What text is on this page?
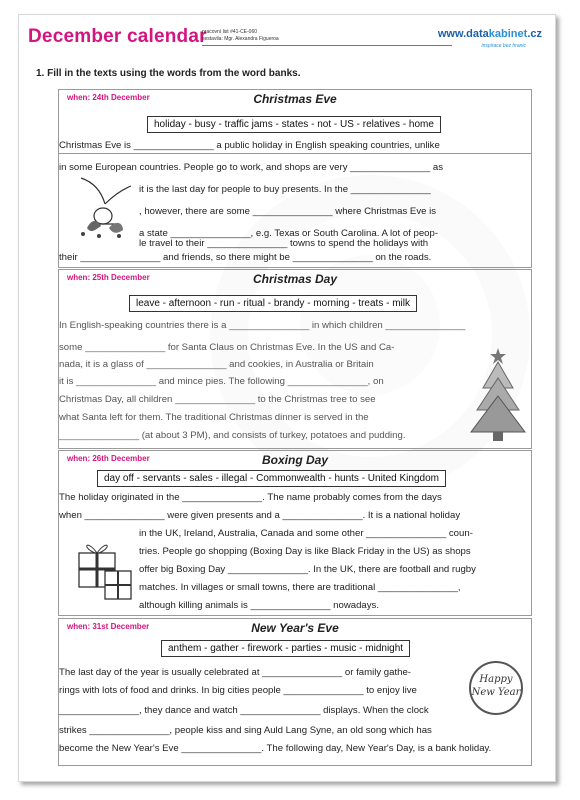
December calendar
pracovní list #41-CE-060
sestavila: Mgr. Alexandra Figueroa	www.datakabinet.cz
inspirace bez hranic
1. Fill in the texts using the words from the word banks.
when: 24th December	Christmas Eve
holiday - busy - traffic jams - states - not - US - relatives - home
Christmas Eve is _______________ a public holiday in English speaking countries, unlike
in some European countries. People go to work, and shops are very _______________ as
it is the last day for people to buy presents. In the _______________
, however, there are some _______________ where Christmas Eve is
a state _______________, e.g. Texas or South Carolina. A lot of peop-
le travel to their _______________ towns to spend the holidays with
their _______________ and friends, so there might be _______________ on the roads.
when: 25th December	Christmas Day
leave - afternoon - run - ritual - brandy - morning - treats - milk
In English-speaking countries there is a _______________ in which children _______________
some _______________ for Santa Claus on Christmas Eve. In the US and Ca-
nada, it is a glass of _______________ and cookies, in Australia or Britain
it is _______________ and mince pies. The following _______________, on
Christmas Day, all children _______________ to the Christmas tree to see
what Santa left for them. The traditional Christmas dinner is served in the
_______________ (at about 3 PM), and consists of turkey, potatoes and pudding.
when: 26th December	Boxing Day
day off - servants - sales - illegal - Commonwealth - hunts - United Kingdom
The holiday originated in the _______________. The name probably comes from the days
when _______________ were given presents and a _______________. It is a national holiday
in the UK, Ireland, Australia, Canada and some other _______________ coun-
tries. People go shopping (Boxing Day is like Black Friday in the US) as shops
offer big Boxing Day _______________. In the UK, there are football and rugby
matches. In villages or small towns, there are traditional _______________,
although killing animals is _______________ nowadays.
when: 31st December	New Year's Eve
anthem - gather - firework - parties - music - midnight
The last day of the year is usually celebrated at _______________ or family gathe-
rings with lots of food and drinks. In big cities people _______________ to enjoy live
_______________, they dance and watch _______________ displays. When the clock
strikes _______________, people kiss and sing Auld Lang Syne, an old song which has
become the New Year's Eve _______________. The following day, New Year's Day, is a bank holiday.
Happy
New Year
